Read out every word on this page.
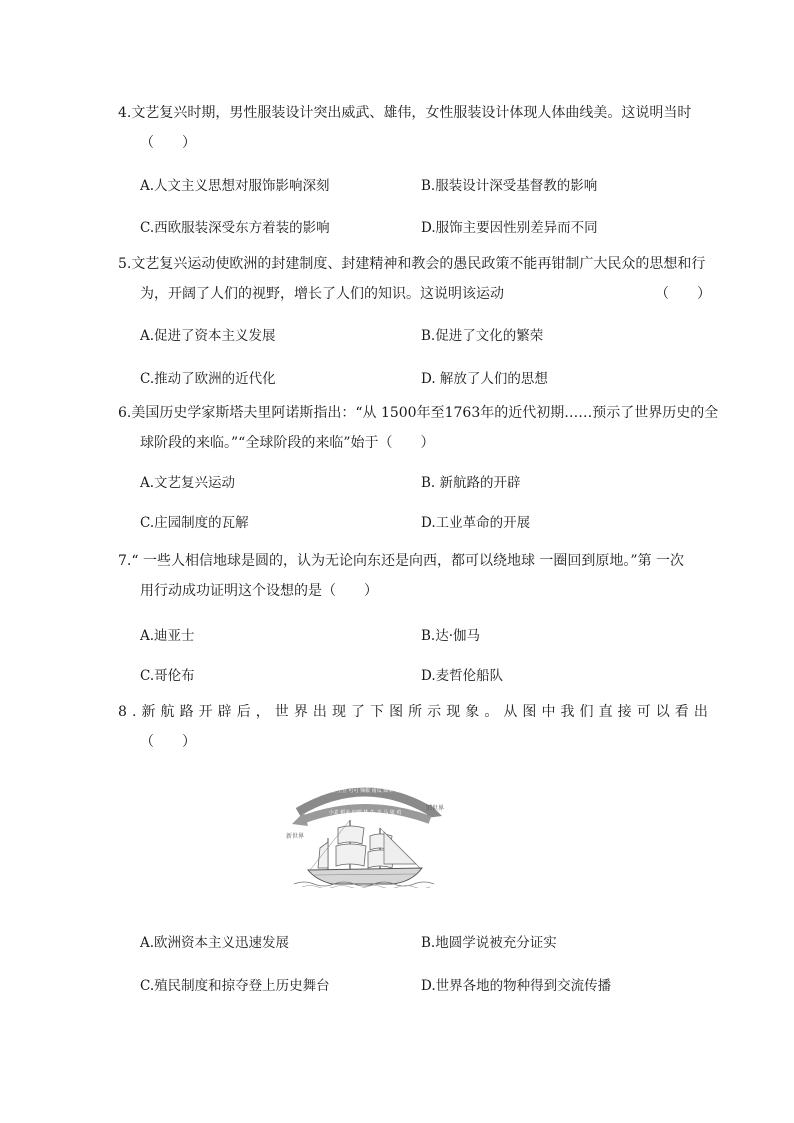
4.文艺复兴时期，男性服装设计突出威武、雄伟，女性服装设计体现人体曲线美。这说明当时
（　　）
A.人文主义思想对服饰影响深刻	B.服装设计深受基督教的影响
C.西欧服装深受东方着装的影响	D.服饰主要因性别差异而不同
5.文艺复兴运动使欧洲的封建制度、封建精神和教会的愚民政策不能再钳制广大民众的思想和行
为，开阔了人们的视野，增长了人们的知识。这说明该运动	（　　）
A.促进了资本主义发展	B.促进了文化的繁荣
C.推动了欧洲的近代化	D. 解放了人们的思想
6.美国历史学家斯塔夫里阿诺斯指出：“从 1500年至1763年的近代初期……预示了世界历史的全
球阶段的来临。”“全球阶段的来临”始于（　　）
A.文艺复兴运动	B. 新航路的开辟
C.庄园制度的瓦解	D.工业革命的开展
7.“ 一些人相信地球是圆的，认为无论向东还是向西，都可以绕地球 一圈回到原地。”第 一次
用行动成功证明这个设想的是（　　）
A.迪亚士	B.达·伽马
C.哥伦布	D.麦哲伦船队
8 . 新 航 路 开 辟 后 ， 世 界 出 现 了 下 图 所 示 现 象 。 从 图 中 我 们 直 接 可 以 看 出
（　　）
玉米 番薯 土豆 可可 辣椒 南瓜 烟草 甘薯 花生
小麦 稻米 柠檬 桃 牛 羊 马 猪 鸡
新世界
旧世界
A.欧洲资本主义迅速发展	B.地圆学说被充分证实
C.殖民制度和掠夺登上历史舞台	D.世界各地的物种得到交流传播
